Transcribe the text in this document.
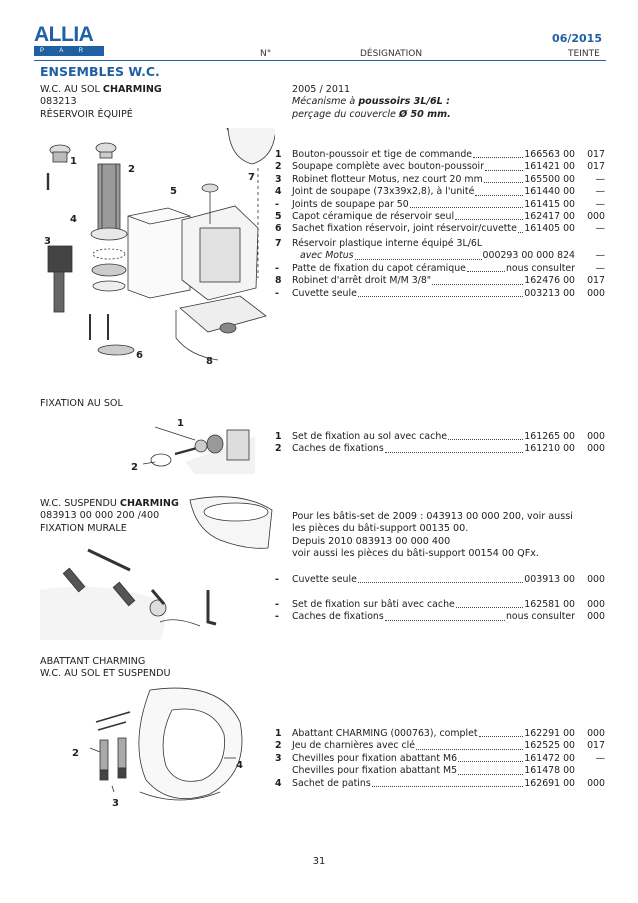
ALLIA
P A R I S
06/2015
N°	DÉSIGNATION	TEINTE
ENSEMBLES W.C.
W.C. AU SOL CHARMING
083213
RÉSERVOIR ÉQUIPÉ
2005 / 2011
Mécanisme à poussoirs 3L/6L :
perçage du couvercle Ø 50 mm.
1
2
3
4
5
6
7
8
1	Bouton-poussoir et tige de commande	166563 00	017
2	Soupape complète avec bouton-poussoir	161421 00	017
3	Robinet flotteur Motus, nez court 20 mm	165500 00	—
4	Joint de soupape (73x39x2,8), à l'unité	161440 00	—
-	Joints de soupape par 50	161415 00	—
5	Capot céramique de réservoir seul	162417 00	000
6	Sachet fixation réservoir, joint réservoir/cuvette 161405 00	—
7	Réservoir plastique interne équipé 3L/6L
avec Motus	000293 00 000 824	—
-	Patte de fixation du capot céramique	nous consulter	—
8	Robinet d'arrêt droit M/M 3/8"	162476 00	017
-	Cuvette seule	003213 00	000
FIXATION AU SOL
1
2
1	Set de fixation au sol avec cache	161265 00	000
2	Caches de fixations	161210 00	000
W.C. SUSPENDU CHARMING
083913 00 000 200 /400
FIXATION MURALE
Pour les bâtis-set de 2009 : 043913 00 000 200, voir aussi
les pièces du bâti-support 00135 00.
Depuis 2010 083913 00 000 400
voir aussi les pièces du bâti-support 00154 00 QFx.
-	Cuvette seule	003913 00	000
-	Set de fixation sur bâti avec cache	162581 00	000
-	Caches de fixations	nous consulter	000
ABATTANT CHARMING
W.C. AU SOL ET SUSPENDU
2
3
4
1	Abattant CHARMING (000763), complet	162291 00	000
2	Jeu de charnières avec clé	162525 00	017
3	Chevilles pour fixation abattant M6	161472 00	—
Chevilles pour fixation abattant M5	161478 00
4	Sachet de patins	162691 00	000
31
